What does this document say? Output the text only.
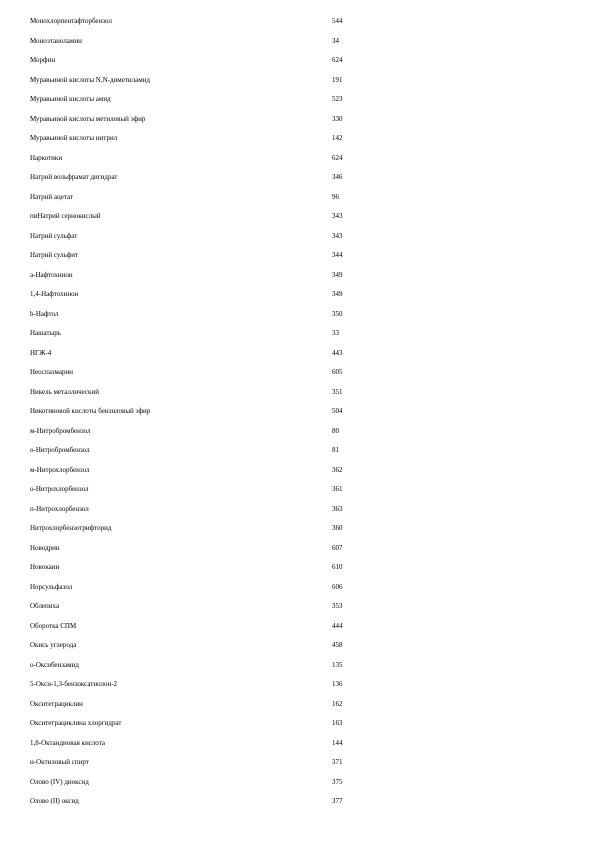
Монохлорпентафторбензол	544
Моноэтаноламин	34
Морфин	624
Муравьиной кислоты N,N-диметиламид	191
Муравьиной кислоты амид	523
Муравьиной кислоты метиловый эфир	330
Муравьиной кислоты нитрил	142
Наркотики	624
Натрий вольфрамат дигидрат	346
Натрий ацетат	96
пиНатрий сернокислый	343
Натрий сульфат	343
Натрий сульфит	344
а-Нафтохинон	349
1,4-Нафтохинон	349
b-Нафтол	350
Нашатырь	33
НГЖ-4	443
Неоспазмарин	605
Никель металлический	351
Никотиновой кислоты бензиловый эфир	504
м-Нитробромбензол	80
о-Нитробромбензол	81
м-Нитрохлорбензол	362
о-Нитрохлорбензол	361
п-Нитрохлорбензол	363
Нитрохлорбензотрифторид	360
Новодрин	607
Новокаин	610
Норсульфазол	606
Облепиха	353
Оборотка СПМ	444
Окись углерода	458
о-Оксибензамид	135
5-Окси-1,3-бензоксатиолон-2	136
Окситетрациклин	162
Окситетрациклина хлоргидрат	163
1,8-Октандиовая кислота	144
н-Октиловый спирт	371
Олово (IV) диоксид	375
Олово (II) оксид	377
